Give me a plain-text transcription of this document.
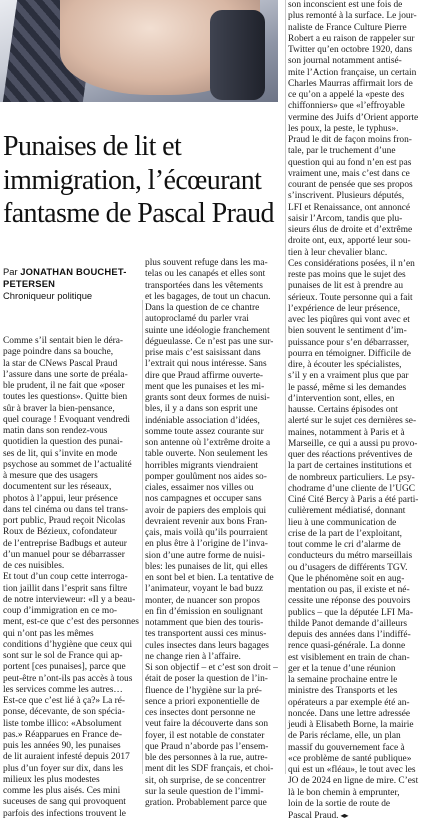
Punaises de lit et immigration, l’écœurant fantasme de Pascal Praud
Par JONATHAN BOUCHET-PETERSEN
Chroniqueur politique

Comme s’il sentait bien le déra-

page poindre dans sa bouche,

la star de CNews Pascal Praud

l’assure dans une sorte de préala-

ble prudent, il ne fait que «poser

toutes les questions». Quitte bien

sûr à braver la bien-pensance,

quel courage ! Evoquant vendredi

matin dans son rendez-vous

quotidien la question des punai-

ses de lit, qui s’invite en mode

psychose au sommet de l’actualité

à mesure que des usagers

documentent sur les réseaux,

photos à l’appui, leur présence

dans tel cinéma ou dans tel trans-

port public, Praud reçoit Nicolas

Roux de Bézieux, cofondateur

de l’entreprise Badbugs et auteur

d’un manuel pour se débarrasser

de ces nuisibles.

Et tout d’un coup cette interroga-

tion jaillit dans l’esprit sans filtre

de notre intervieweur: «Il y a beau-

coup d’immigration en ce mo-

ment, est-ce que c’est des personnes

qui n’ont pas les mêmes

conditions d’hygiène que ceux qui

sont sur le sol de France qui ap-

portent [ces punaises], parce que

peut-être n’ont-ils pas accès à tous

les services comme les autres…

Est-ce que c’est lié à ça?» La ré-

ponse, décevante, de son spécia-

liste tombe illico: «Absolument

pas.» Réapparues en France de-

puis les années 90, les punaises

de lit auraient infesté depuis 2017

plus d’un foyer sur dix, dans les

milieux les plus modestes

comme les plus aisés. Ces mini

suceuses de sang qui provoquent

parfois des infections trouvent le

plus souvent refuge dans les ma-

telas ou les canapés et elles sont

transportées dans les vêtements

et les bagages, de tout un chacun.

Dans la question de ce chantre

autoproclamé du parler vrai

suinte une idéologie franchement

dégueulasse. Ce n’est pas une sur-

prise mais c’est saisissant dans

l’extrait qui nous intéresse. Sans

dire que Praud affirme ouverte-

ment que les punaises et les mi-

grants sont deux formes de nuisi-

bles, il y a dans son esprit une

indéniable association d’idées,

somme toute assez courante sur

son antenne où l’extrême droite a

table ouverte. Non seulement les

horribles migrants viendraient

pomper goulûment nos aides so-

ciales, essaimer nos villes ou

nos campagnes et occuper sans

avoir de papiers des emplois qui

devraient revenir aux bons Fran-

çais, mais voilà qu’ils pourraient

en plus être à l’origine de l’inva-

sion d’une autre forme de nuisi-

bles: les punaises de lit, qui elles

en sont bel et bien. La tentative de

l’animateur, voyant le bad buzz

monter, de nuancer son propos

en fin d’émission en soulignant

notamment que bien des touris-

tes transportent aussi ces minus-

cules insectes dans leurs bagages

ne change rien à l’affaire.

Si son objectif – et c’est son droit –

était de poser la question de l’in-

fluence de l’hygiène sur la pré-

sence a priori exponentielle de

ces insectes dont personne ne

veut faire la découverte dans son

foyer, il est notable de constater

que Praud n’aborde pas l’ensem-

ble des personnes à la rue, autre-

ment dit les SDF français, et choi-

sit, oh surprise, de se concentrer

sur la seule question de l’immi-

gration. Probablement parce que

son inconscient est une fois de

plus remonté à la surface. Le jour-

naliste de France Culture Pierre

Robert a eu raison de rappeler sur

Twitter qu’en octobre 1920, dans

son journal notamment antisé-

mite l’Action française, un certain

Charles Maurras affirmait lors de

ce qu’on a appelé la «peste des

chiffonniers» que «l’effroyable

vermine des Juifs d’Orient apporte

les poux, la peste, le typhus».

Praud le dit de façon moins fron-

tale, par le truchement d’une

question qui au fond n’en est pas

vraiment une, mais c’est dans ce

courant de pensée que ses propos

s’inscrivent. Plusieurs députés,

LFI et Renaissance, ont annoncé

saisir l’Arcom, tandis que plu-

sieurs élus de droite et d’extrême

droite ont, eux, apporté leur sou-

tien à leur chevalier blanc.

Ces considérations posées, il n’en

reste pas moins que le sujet des

punaises de lit est à prendre au

sérieux. Toute personne qui a fait

l’expérience de leur présence,

avec les piqûres qui vont avec et

bien souvent le sentiment d’im-

puissance pour s’en débarrasser,

pourra en témoigner. Difficile de

dire, à écouter les spécialistes,

s’il y en a vraiment plus que par

le passé, même si les demandes

d’intervention sont, elles, en

hausse. Certains épisodes ont

alerté sur le sujet ces dernières se-

maines, notamment à Paris et à

Marseille, ce qui a aussi pu provo-

quer des réactions préventives de

la part de certaines institutions et

de nombreux particuliers. Le psy-

chodrame d’une cliente de l’UGC

Ciné Cité Bercy à Paris a été parti-

culièrement médiatisé, donnant

lieu à une communication de

crise de la part de l’exploitant,

tout comme le cri d’alarme de

conducteurs du métro marseillais

ou d’usagers de différents TGV.

Que le phénomène soit en aug-

mentation ou pas, il existe et né-

cessite une réponse des pouvoirs

publics – que la députée LFI Ma-

thilde Panot demande d’ailleurs

depuis des années dans l’indiffé-

rence quasi-générale. La donne

est visiblement en train de chan-

ger et la tenue d’une réunion

la semaine prochaine entre le

ministre des Transports et les

opérateurs a par exemple été an-

noncée. Dans une lettre adressée

jeudi à Elisabeth Borne, la mairie

de Paris réclame, elle, un plan

massif du gouvernement face à

«ce problème de santé publique»

qui est un «fléau», le tout avec les

JO de 2024 en ligne de mire. C’est

là le bon chemin à emprunter,

loin de la sortie de route de

Pascal Praud. ◂▸
